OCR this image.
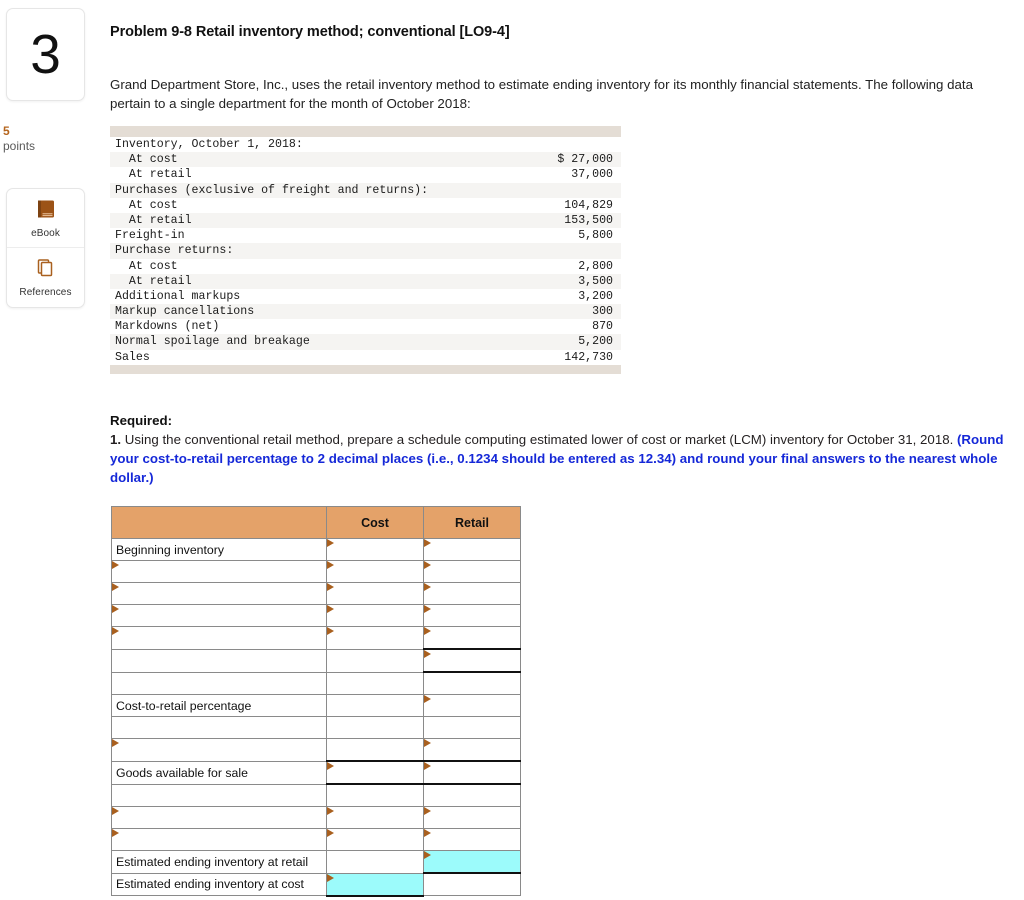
3
5
points
eBook
References
Problem 9-8 Retail inventory method; conventional [LO9-4]
Grand Department Store, Inc., uses the retail inventory method to estimate ending inventory for its monthly financial statements. The following data pertain to a single department for the month of October 2018:
Inventory, October 1, 2018:
At cost	$ 27,000
At retail	37,000
Purchases (exclusive of freight and returns):
At cost	104,829
At retail	153,500
Freight-in	5,800
Purchase returns:
At cost	2,800
At retail	3,500
Additional markups	3,200
Markup cancellations	300
Markdowns (net)	870
Normal spoilage and breakage	5,200
Sales	142,730
Required:
1. Using the conventional retail method, prepare a schedule computing estimated lower of cost or market (LCM) inventory for October 31, 2018. (Round your cost-to-retail percentage to 2 decimal places (i.e., 0.1234 should be entered as 12.34) and round your final answers to the nearest whole dollar.)
	Cost	Retail
Beginning inventory	

Cost-to-retail percentage		

Goods available for sale	

Estimated ending inventory at retail		

Estimated ending inventory at cost	
